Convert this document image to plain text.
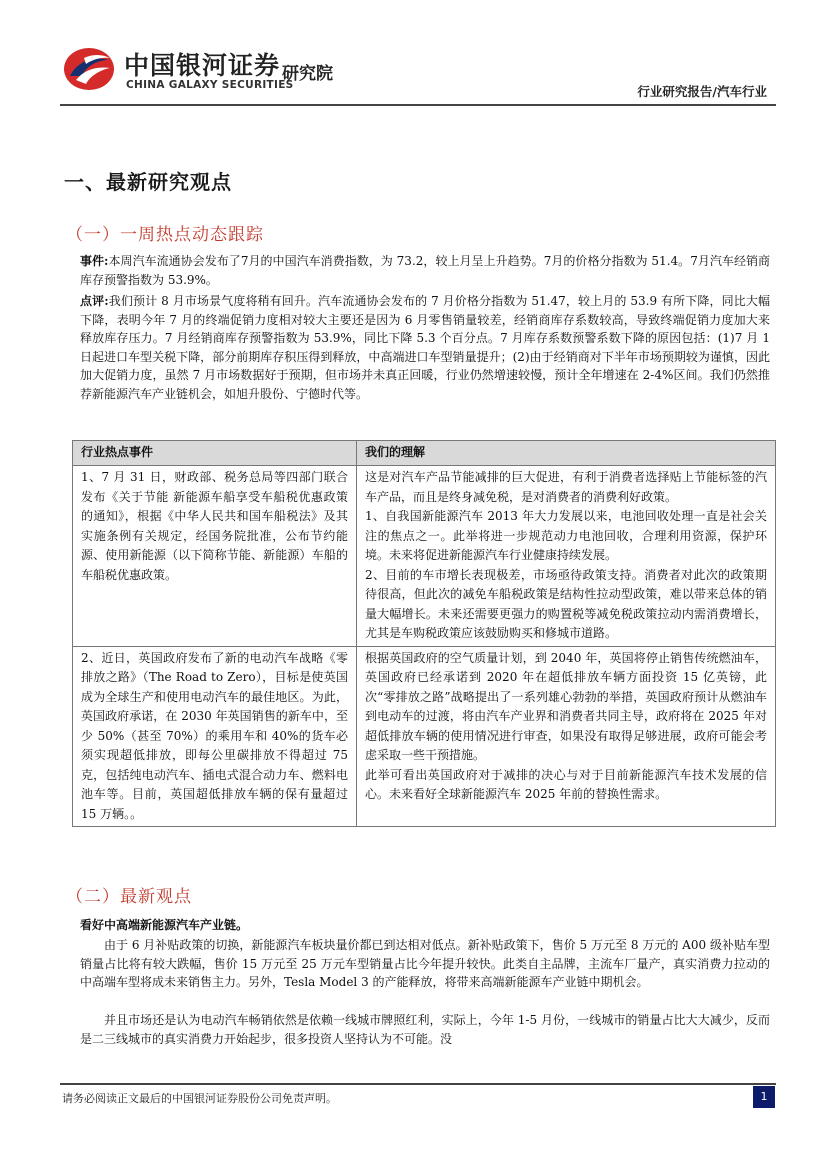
中国银河证券
CHINA GALAXY SECURITIES
研究院
行业研究报告/汽车行业
一、最新研究观点
（一）一周热点动态跟踪
事件:本周汽车流通协会发布了7月的中国汽车消费指数，为 73.2，较上月呈上升趋势。7月的价格分指数为 51.4。7月汽车经销商库存预警指数为 53.9%。
点评:我们预计 8 月市场景气度将稍有回升。汽车流通协会发布的 7 月价格分指数为 51.47，较上月的 53.9 有所下降，同比大幅下降，表明今年 7 月的终端促销力度相对较大主要还是因为 6 月零售销量较差，经销商库存系数较高，导致终端促销力度加大来释放库存压力。7 月经销商库存预警指数为 53.9%，同比下降 5.3 个百分点。7 月库存系数预警系数下降的原因包括：(1)7 月 1 日起进口车型关税下降，部分前期库存积压得到释放，中高端进口车型销量提升；(2)由于经销商对下半年市场预期较为谨慎，因此加大促销力度，虽然 7 月市场数据好于预期，但市场并未真正回暖，行业仍然增速较慢，预计全年增速在 2-4%区间。我们仍然推荐新能源汽车产业链机会，如旭升股份、宁德时代等。
行业热点事件	我们的理解
1、7 月 31 日，财政部、税务总局等四部门联合发布《关于节能 新能源车船享受车船税优惠政策的通知》，根据《中华人民共和国车船税法》及其实施条例有关规定，经国务院批准，公布节约能源、使用新能源（以下简称节能、新能源）车船的车船税优惠政策。	这是对汽车产品节能减排的巨大促进，有利于消费者选择贴上节能标签的汽车产品，而且是终身减免税，是对消费者的消费利好政策。

1、自我国新能源汽车 2013 年大力发展以来，电池回收处理一直是社会关注的焦点之一。此举将进一步规范动力电池回收，合理利用资源，保护环境。未来将促进新能源汽车行业健康持续发展。

2、目前的车市增长表现极差，市场亟待政策支持。消费者对此次的政策期待很高，但此次的减免车船税政策是结构性拉动型政策，难以带来总体的销量大幅增长。未来还需要更强力的购置税等减免税政策拉动内需消费增长，尤其是车购税政策应该鼓励购买和修城市道路。

2、近日，英国政府发布了新的电动汽车战略《零排放之路》（The Road to Zero），目标是使英国成为全球生产和使用电动汽车的最佳地区。为此，英国政府承诺，在 2030 年英国销售的新车中，至少 50%（甚至 70%）的乘用车和 40%的货车必须实现超低排放，即每公里碳排放不得超过 75 克，包括纯电动汽车、插电式混合动力车、燃料电池车等。目前，英国超低排放车辆的保有量超过 15 万辆。。	根据英国政府的空气质量计划，到 2040 年，英国将停止销售传统燃油车，英国政府已经承诺到 2020 年在超低排放车辆方面投资 15 亿英镑，此次“零排放之路”战略提出了一系列雄心勃勃的举措，英国政府预计从燃油车到电动车的过渡，将由汽车产业界和消费者共同主导，政府将在 2025 年对超低排放车辆的使用情况进行审查，如果没有取得足够进展，政府可能会考虑采取一些干预措施。

此举可看出英国政府对于减排的决心与对于目前新能源汽车技术发展的信心。未来看好全球新能源汽车 2025 年前的替换性需求。

（二）最新观点
看好中高端新能源汽车产业链。
由于 6 月补贴政策的切换，新能源汽车板块量价都已到达相对低点。新补贴政策下，售价 5 万元至 8 万元的 A00 级补贴车型销量占比将有较大跌幅，售价 15 万元至 25 万元车型销量占比今年提升较快。此类自主品牌，主流车厂量产，真实消费力拉动的中高端车型将成未来销售主力。另外，Tesla Model 3 的产能释放，将带来高端新能源车产业链中期机会。
并且市场还是认为电动汽车畅销依然是依赖一线城市牌照红利，实际上，今年 1-5 月份，一线城市的销量占比大大减少，反而是二三线城市的真实消费力开始起步，很多投资人坚持认为不可能。没
请务必阅读正文最后的中国银河证券股份公司免责声明。	1
